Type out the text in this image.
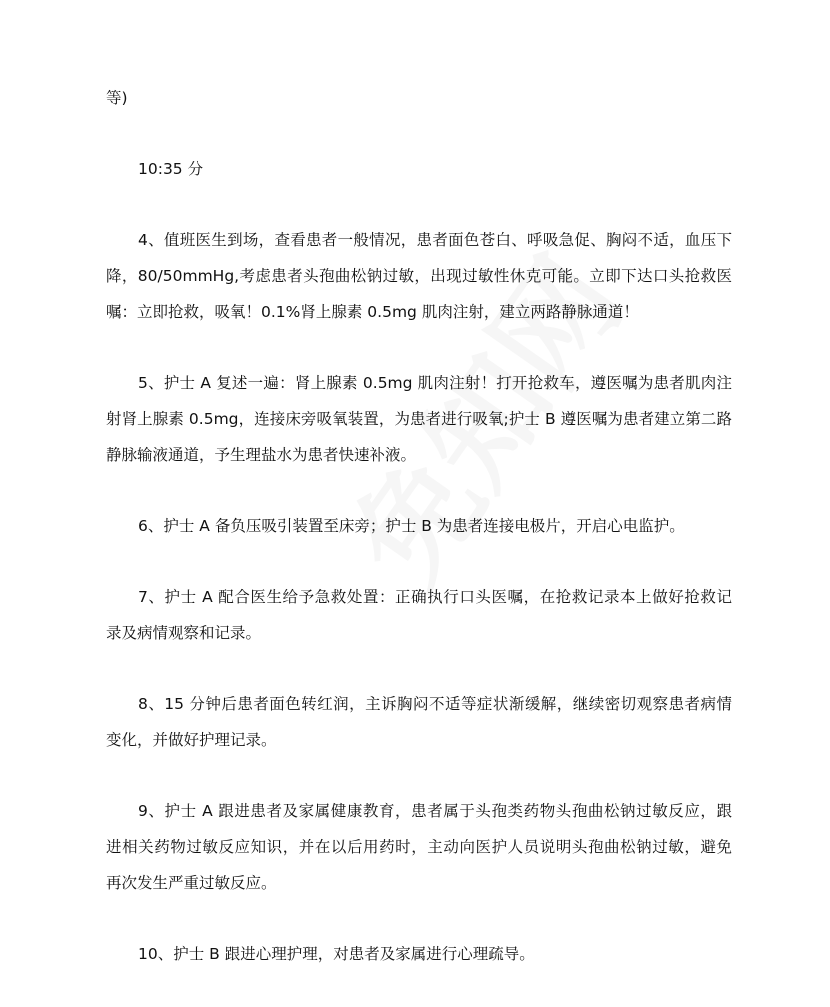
等)
10:35 分
4、值班医生到场，查看患者一般情况，患者面色苍白、呼吸急促、胸闷不适，血压下
降，80/50mmHg,考虑患者头孢曲松钠过敏，出现过敏性休克可能。立即下达口头抢救医
嘱：立即抢救，吸氧！0.1%肾上腺素 0.5mg 肌肉注射，建立两路静脉通道！
5、护士 A 复述一遍：肾上腺素 0.5mg 肌肉注射！打开抢救车，遵医嘱为患者肌肉注
射肾上腺素 0.5mg，连接床旁吸氧装置，为患者进行吸氧;护士 B 遵医嘱为患者建立第二路
静脉输液通道，予生理盐水为患者快速补液。
6、护士 A 备负压吸引装置至床旁；护士 B 为患者连接电极片，开启心电监护。
7、护士 A 配合医生给予急救处置：正确执行口头医嘱，在抢救记录本上做好抢救记
录及病情观察和记录。
8、15 分钟后患者面色转红润，主诉胸闷不适等症状渐缓解，继续密切观察患者病情
变化，并做好护理记录。
9、护士 A 跟进患者及家属健康教育，患者属于头孢类药物头孢曲松钠过敏反应，跟
进相关药物过敏反应知识，并在以后用药时，主动向医护人员说明头孢曲松钠过敏，避免
再次发生严重过敏反应。
10、护士 B 跟进心理护理，对患者及家属进行心理疏导。
